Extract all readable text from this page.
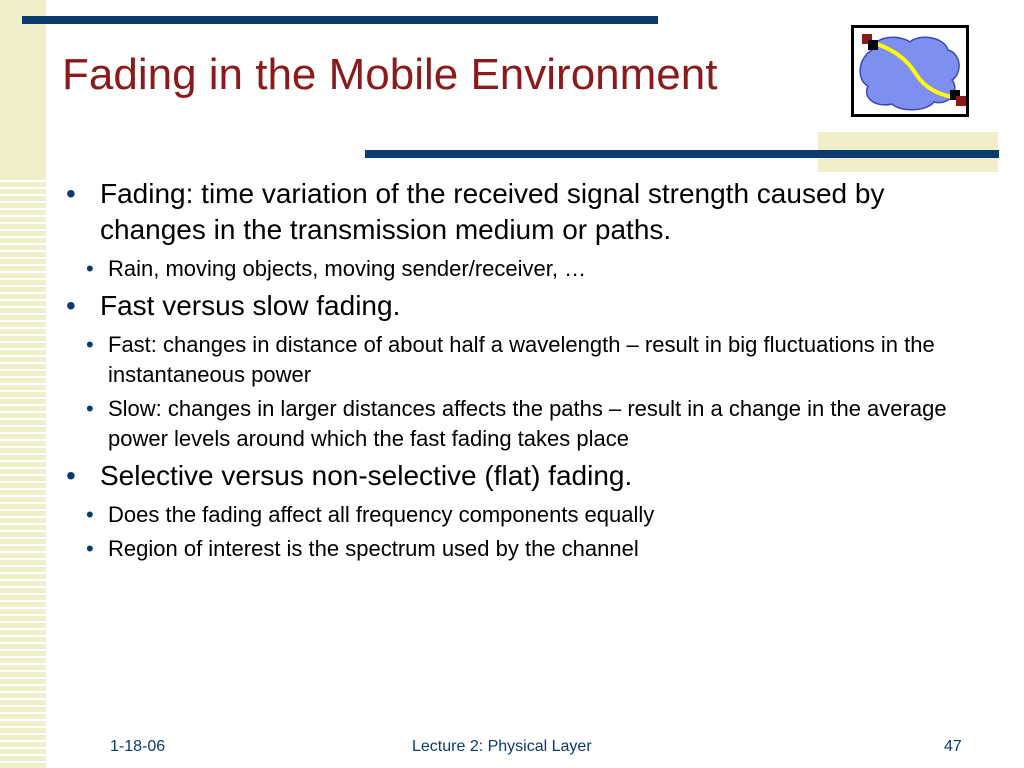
Fading in the Mobile Environment
• Fading: time variation of the received signal strength caused by changes in the transmission medium or paths.
• Rain, moving objects, moving sender/receiver, …
• Fast versus slow fading.
• Fast: changes in distance of about half a wavelength – result in big fluctuations in the instantaneous power
• Slow: changes in larger distances affects the paths – result in a change in the average power levels around which the fast fading takes place
• Selective versus non-selective (flat) fading.
• Does the fading affect all frequency components equally
• Region of interest is the spectrum used by the channel
1-18-06	Lecture 2: Physical Layer	47
